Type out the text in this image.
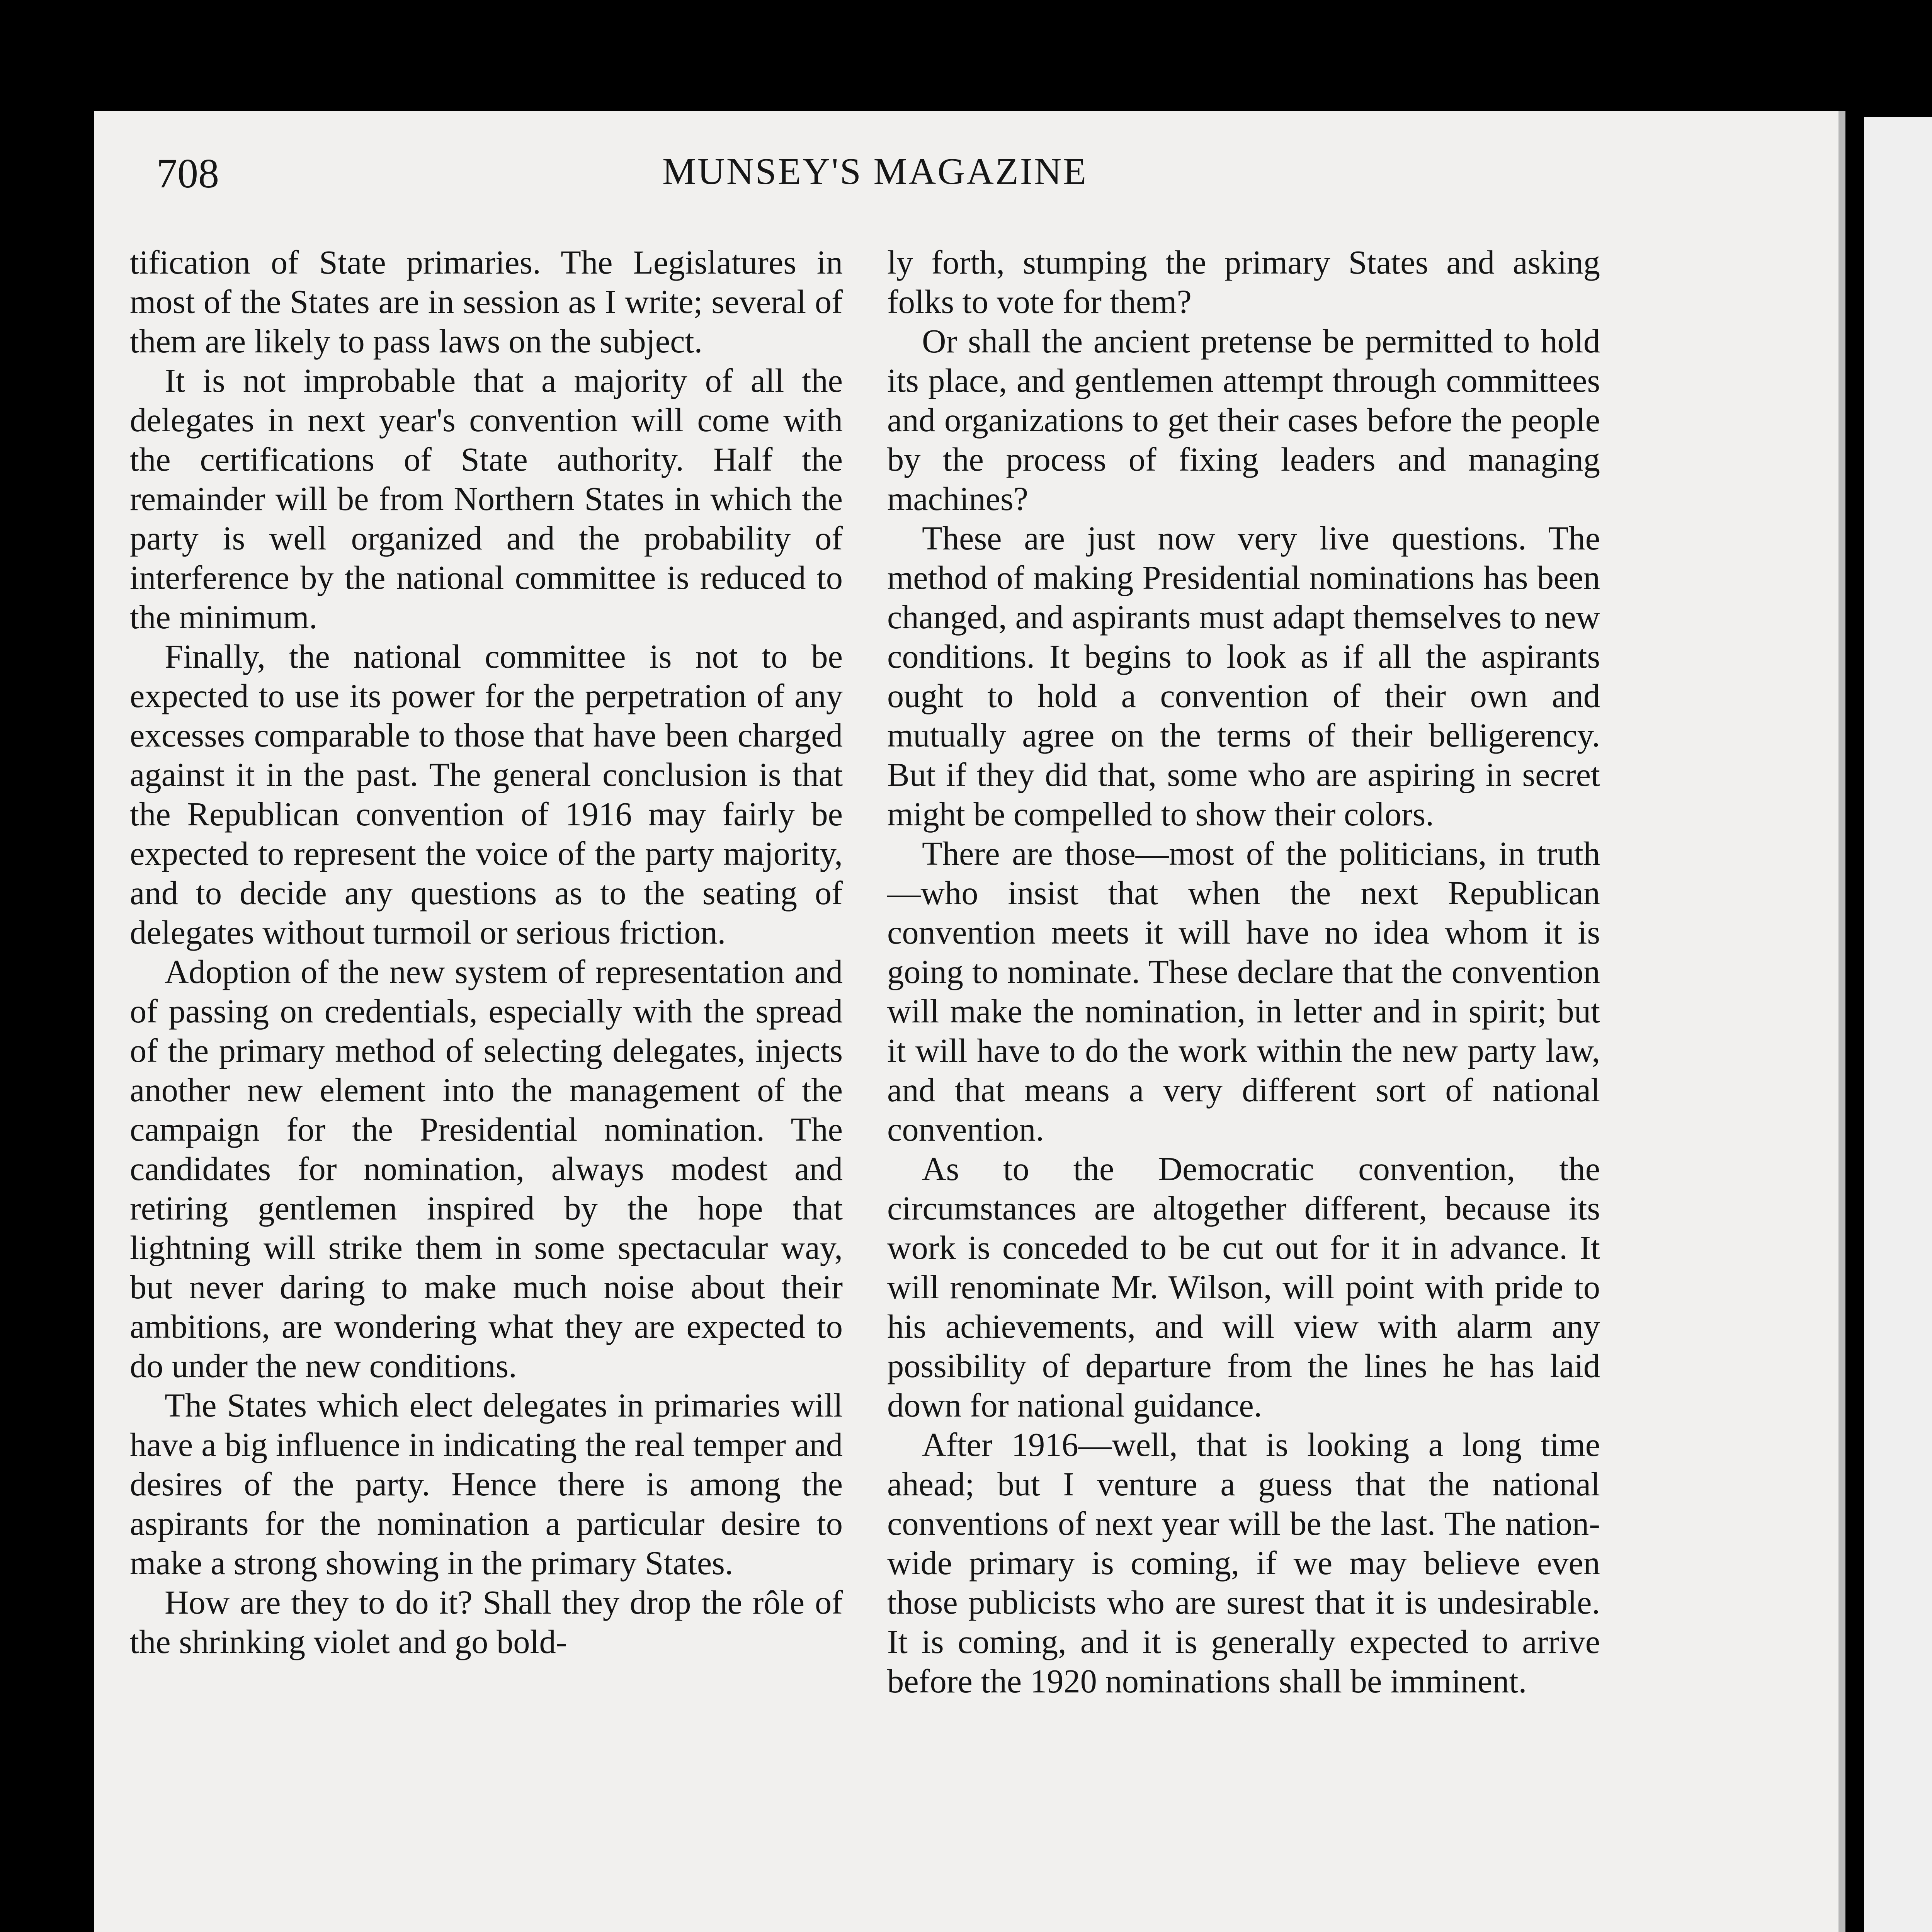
708	MUNSEY'S MAGAZINE

tification of State primaries. The Legislatures in most of the States are in session as I write; several of them are likely to pass laws on the subject.

It is not improbable that a majority of all the delegates in next year's convention will come with the certifications of State authority. Half the remainder will be from Northern States in which the party is well organized and the probability of interference by the national committee is reduced to the minimum.

Finally, the national committee is not to be expected to use its power for the perpetration of any excesses comparable to those that have been charged against it in the past. The general conclusion is that the Republican convention of 1916 may fairly be expected to represent the voice of the party majority, and to decide any questions as to the seating of delegates without turmoil or serious friction.

Adoption of the new system of representation and of passing on credentials, especially with the spread of the primary method of selecting delegates, injects another new element into the management of the campaign for the Presidential nomination. The candidates for nomination, always modest and retiring gentlemen inspired by the hope that lightning will strike them in some spectacular way, but never daring to make much noise about their ambitions, are wondering what they are expected to do under the new conditions.

The States which elect delegates in primaries will have a big influence in indicating the real temper and desires of the party. Hence there is among the aspirants for the nomination a particular desire to make a strong showing in the primary States.

How are they to do it? Shall they drop the rôle of the shrinking violet and go bold-

ly forth, stumping the primary States and asking folks to vote for them?

Or shall the ancient pretense be permitted to hold its place, and gentlemen attempt through committees and organizations to get their cases before the people by the process of fixing leaders and managing machines?

These are just now very live questions. The method of making Presidential nominations has been changed, and aspirants must adapt themselves to new conditions. It begins to look as if all the aspirants ought to hold a convention of their own and mutually agree on the terms of their belligerency. But if they did that, some who are aspiring in secret might be compelled to show their colors.

There are those—most of the politicians, in truth—who insist that when the next Republican convention meets it will have no idea whom it is going to nominate. These declare that the convention will make the nomination, in letter and in spirit; but it will have to do the work within the new party law, and that means a very different sort of national convention.

As to the Democratic convention, the circumstances are altogether different, because its work is conceded to be cut out for it in advance. It will renominate Mr. Wilson, will point with pride to his achievements, and will view with alarm any possibility of departure from the lines he has laid down for national guidance.

After 1916—well, that is looking a long time ahead; but I venture a guess that the national conventions of next year will be the last. The nation-wide primary is coming, if we may believe even those publicists who are surest that it is undesirable. It is coming, and it is generally expected to arrive before the 1920 nominations shall be imminent.
